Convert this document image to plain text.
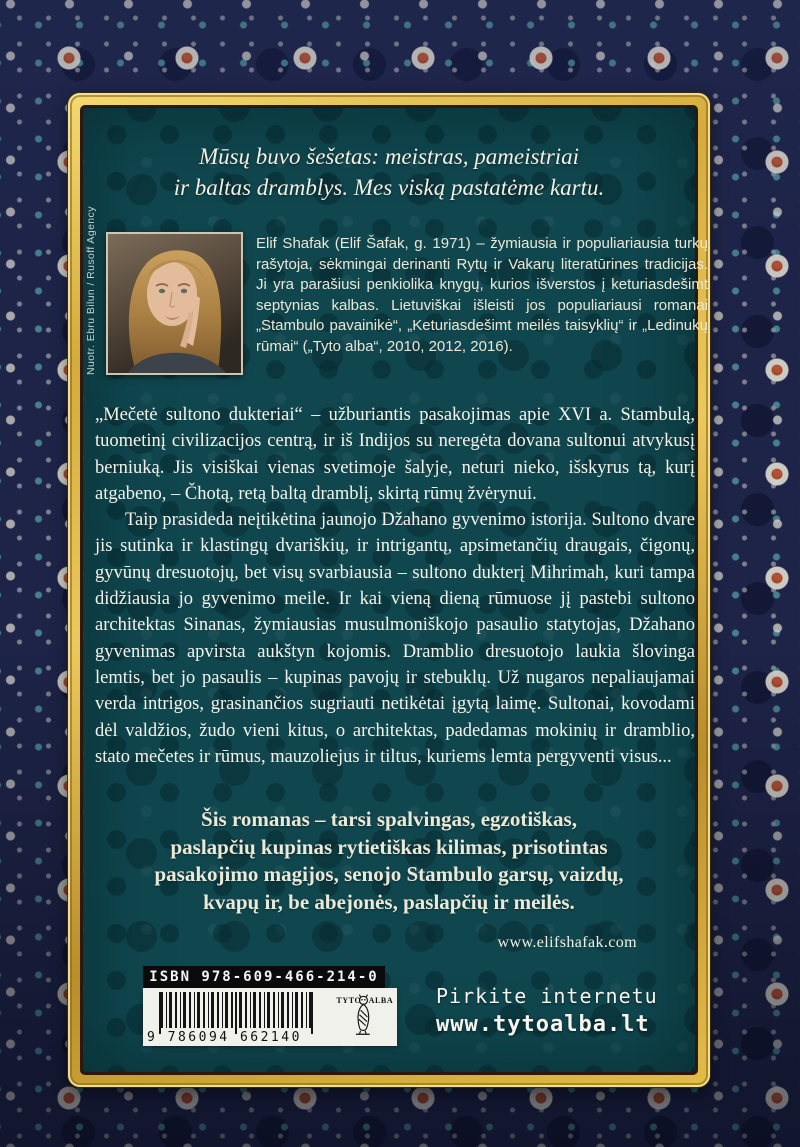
Mūsų buvo šešetas: meistras, pameistriai
ir baltas dramblys. Mes viską pastatėme kartu.
Nuotr. Ebru Bilun / Rusoff Agency	Elif Shafak (Elif Šafak, g. 1971) – žymiausia ir populiariausia turkų rašytoja, sėkmingai derinanti Rytų ir Vakarų literatūrines tradicijas. Ji yra parašiusi penkiolika knygų, kurios išverstos į keturiasdešimt septynias kalbas. Lietuviškai išleisti jos populiariausi romanai „Stambulo pavainikė“, „Keturiasdešimt meilės taisyklių“ ir „Ledinukų rūmai“ („Tyto alba“, 2010, 2012, 2016).

„Mečetė sultono dukteriai“ – užburiantis pasakojimas apie XVI a. Stambulą, tuometinį civilizacijos centrą, ir iš Indijos su neregėta dovana sultonui atvykusį berniuką. Jis visiškai vienas svetimoje šalyje, neturi nieko, išskyrus tą, kurį atgabeno, – Čhotą, retą baltą dramblį, skirtą rūmų žvėrynui.

Taip prasideda neįtikėtina jaunojo Džahano gyvenimo istorija. Sultono dvare jis sutinka ir klastingų dvariškių, ir intrigantų, apsimetančių draugais, čigonų, gyvūnų dresuotojų, bet visų svarbiausia – sultono dukterį Mihrimah, kuri tampa didžiausia jo gyvenimo meile. Ir kai vieną dieną rūmuose jį pastebi sultono architektas Sinanas, žymiausias musulmoniškojo pasaulio statytojas, Džahano gyvenimas apvirsta aukštyn kojomis. Dramblio dresuotojo laukia šlovinga lemtis, bet jo pasaulis – kupinas pavojų ir stebuklų. Už nugaros nepaliaujamai verda intrigos, grasinančios sugriauti netikėtai įgytą laimę. Sultonai, kovodami dėl valdžios, žudo vieni kitus, o architektas, padedamas mokinių ir dramblio, stato mečetes ir rūmus, mauzoliejus ir tiltus, kuriems lemta pergyventi visus...

Šis romanas – tarsi spalvingas, egzotiškas,
paslapčių kupinas rytietiškas kilimas, prisotintas
pasakojimo magijos, senojo Stambulo garsų, vaizdų,
kvapų ir, be abejonės, paslapčių ir meilės.
www.elifshafak.com
ISBN 978-609-466-214-0
9 786094 662140
TYTO ALBA Pirkite internetu
www.tytoalba.lt
